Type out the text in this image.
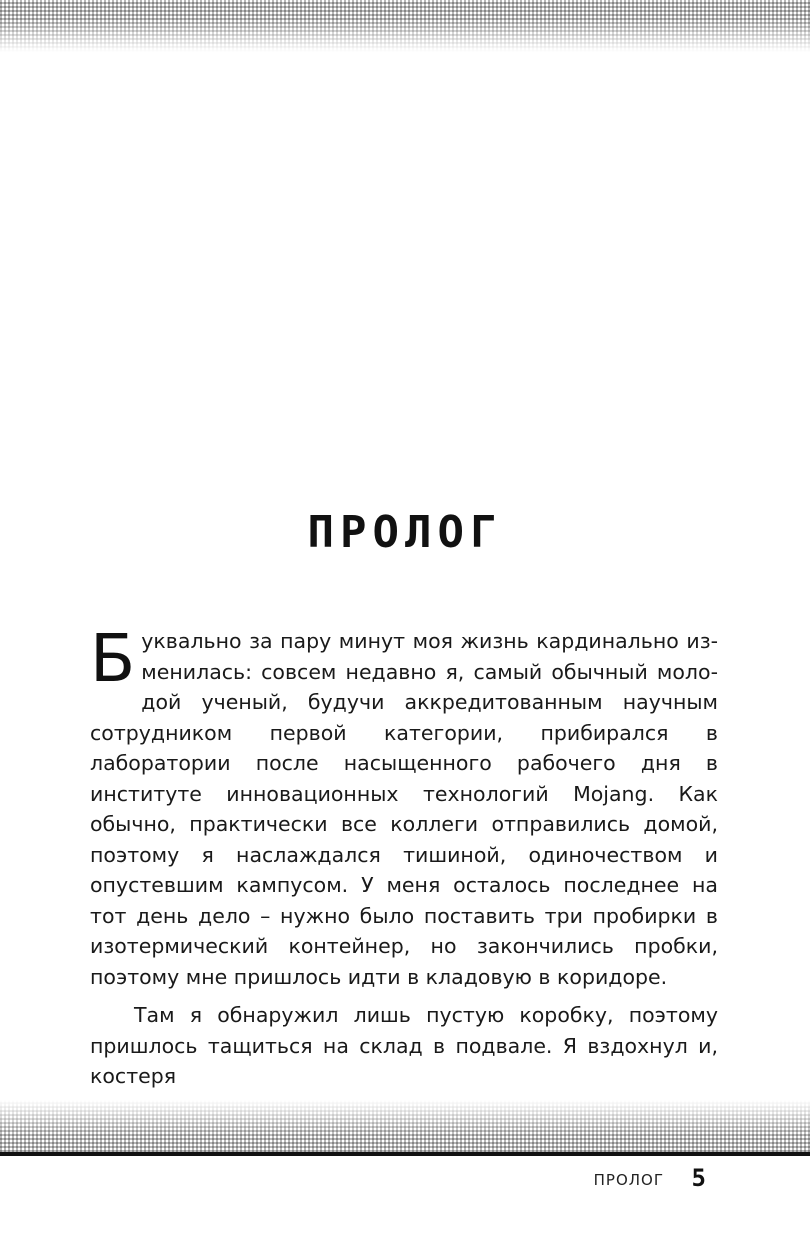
ПРОЛОГ

Буквально за пару минут моя жизнь кардинально изменилась: совсем недавно я, самый обычный молодой ученый, будучи аккредитованным научным сотрудником первой категории, прибирался в лаборатории после насыщенного рабочего дня в институте инновационных технологий Mojang. Как обычно, практически все коллеги отправились домой, поэтому я наслаждался тишиной, одиночеством и опустевшим кампусом. У меня осталось последнее на тот день дело – нужно было поставить три пробирки в изотермический контейнер, но закончились пробки, поэтому мне пришлось идти в кладовую в коридоре.

Там я обнаружил лишь пустую коробку, поэтому пришлось тащиться на склад в подвале. Я вздохнул и, костеря

ПРОЛОГ 5
